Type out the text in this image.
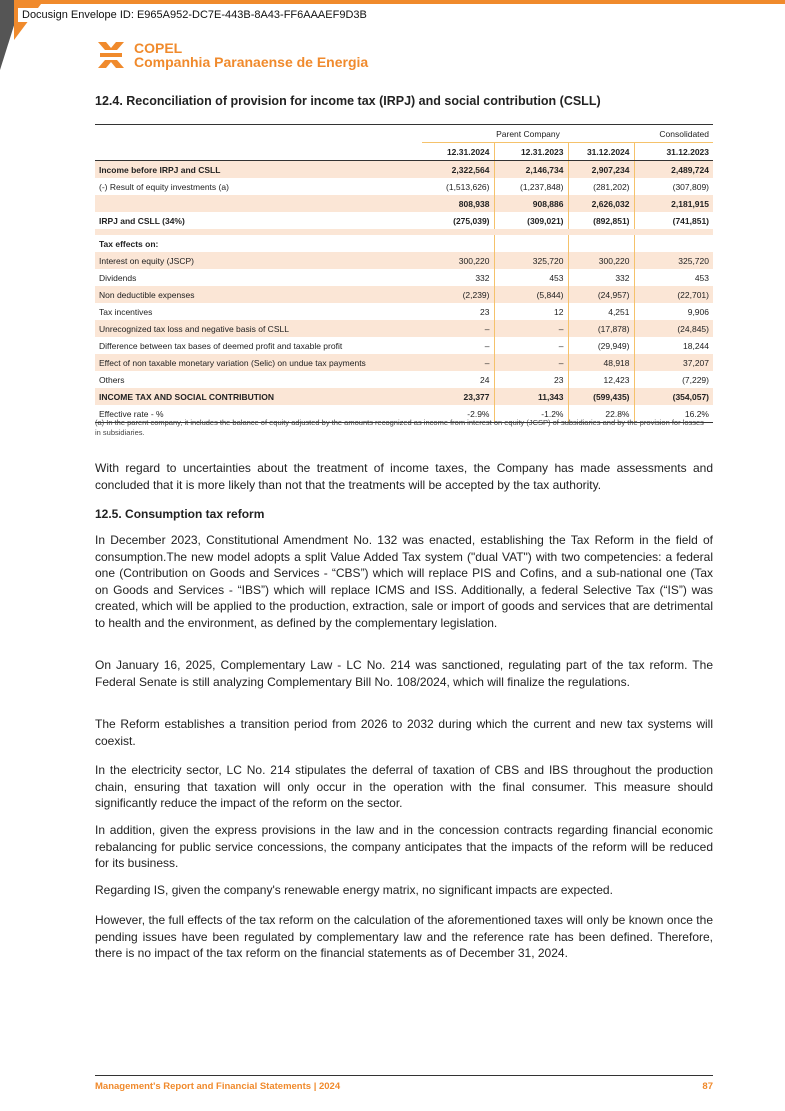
Docusign Envelope ID: E965A952-DC7E-443B-8A43-FF6AAAEF9D3B
COPEL
Companhia Paranaense de Energia
12.4. Reconciliation of provision for income tax (IRPJ) and social contribution (CSLL)
	Parent Company			Consolidated
	12.31.2024	12.31.2023	31.12.2024	31.12.2023
Income before IRPJ and CSLL	2,322,564	2,146,734	2,907,234	2,489,724
(-) Result of equity investments (a)	(1,513,626)	(1,237,848)	(281,202)	(307,809)
	808,938	908,886	2,626,032	2,181,915
IRPJ and CSLL (34%)	(275,039)	(309,021)	(892,851)	(741,851)

Tax effects on:				
Interest on equity (JSCP)	300,220	325,720	300,220	325,720
Dividends	332	453	332	453
Non deductible expenses	(2,239)	(5,844)	(24,957)	(22,701)
Tax incentives	23	12	4,251	9,906
Unrecognized tax loss and negative basis of CSLL	–	–	(17,878)	(24,845)
Difference between tax bases of deemed profit and taxable profit	–	–	(29,949)	18,244
Effect of non taxable monetary variation (Selic) on undue tax payments	–	–	48,918	37,207
Others	24	23	12,423	(7,229)
INCOME TAX AND SOCIAL CONTRIBUTION	23,377	11,343	(599,435)	(354,057)
Effective rate - %	-2.9%	-1.2%	22.8%	16.2%
(a) In the parent company, it includes the balance of equity adjusted by the amounts recognized as income from interest on equity (JCSP) of subsidiaries and by the provision for losses in subsidiaries.

With regard to uncertainties about the treatment of income taxes, the Company has made assessments and concluded that it is more likely than not that the treatments will be accepted by the tax authority.

12.5. Consumption tax reform

In December 2023, Constitutional Amendment No. 132 was enacted, establishing the Tax Reform in the field of consumption.The new model adopts a split Value Added Tax system ("dual VAT") with two competencies: a federal one (Contribution on Goods and Services - “CBS”) which will replace PIS and Cofins, and a sub-national one (Tax on Goods and Services - “IBS”) which will replace ICMS and ISS. Additionally, a federal Selective Tax (“IS”) was created, which will be applied to the production, extraction, sale or import of goods and services that are detrimental to health and the environment, as defined by the complementary legislation.

On January 16, 2025, Complementary Law - LC No. 214 was sanctioned, regulating part of the tax reform. The Federal Senate is still analyzing Complementary Bill No. 108/2024, which will finalize the regulations.

The Reform establishes a transition period from 2026 to 2032 during which the current and new tax systems will coexist.

In the electricity sector, LC No. 214 stipulates the deferral of taxation of CBS and IBS throughout the production chain, ensuring that taxation will only occur in the operation with the final consumer. This measure should significantly reduce the impact of the reform on the sector.

In addition, given the express provisions in the law and in the concession contracts regarding financial economic rebalancing for public service concessions, the company anticipates that the impacts of the reform will be reduced for its business.

Regarding IS, given the company's renewable energy matrix, no significant impacts are expected.

However, the full effects of the tax reform on the calculation of the aforementioned taxes will only be known once the pending issues have been regulated by complementary law and the reference rate has been defined. Therefore, there is no impact of the tax reform on the financial statements as of December 31, 2024.

Management's Report and Financial Statements | 2024	87
